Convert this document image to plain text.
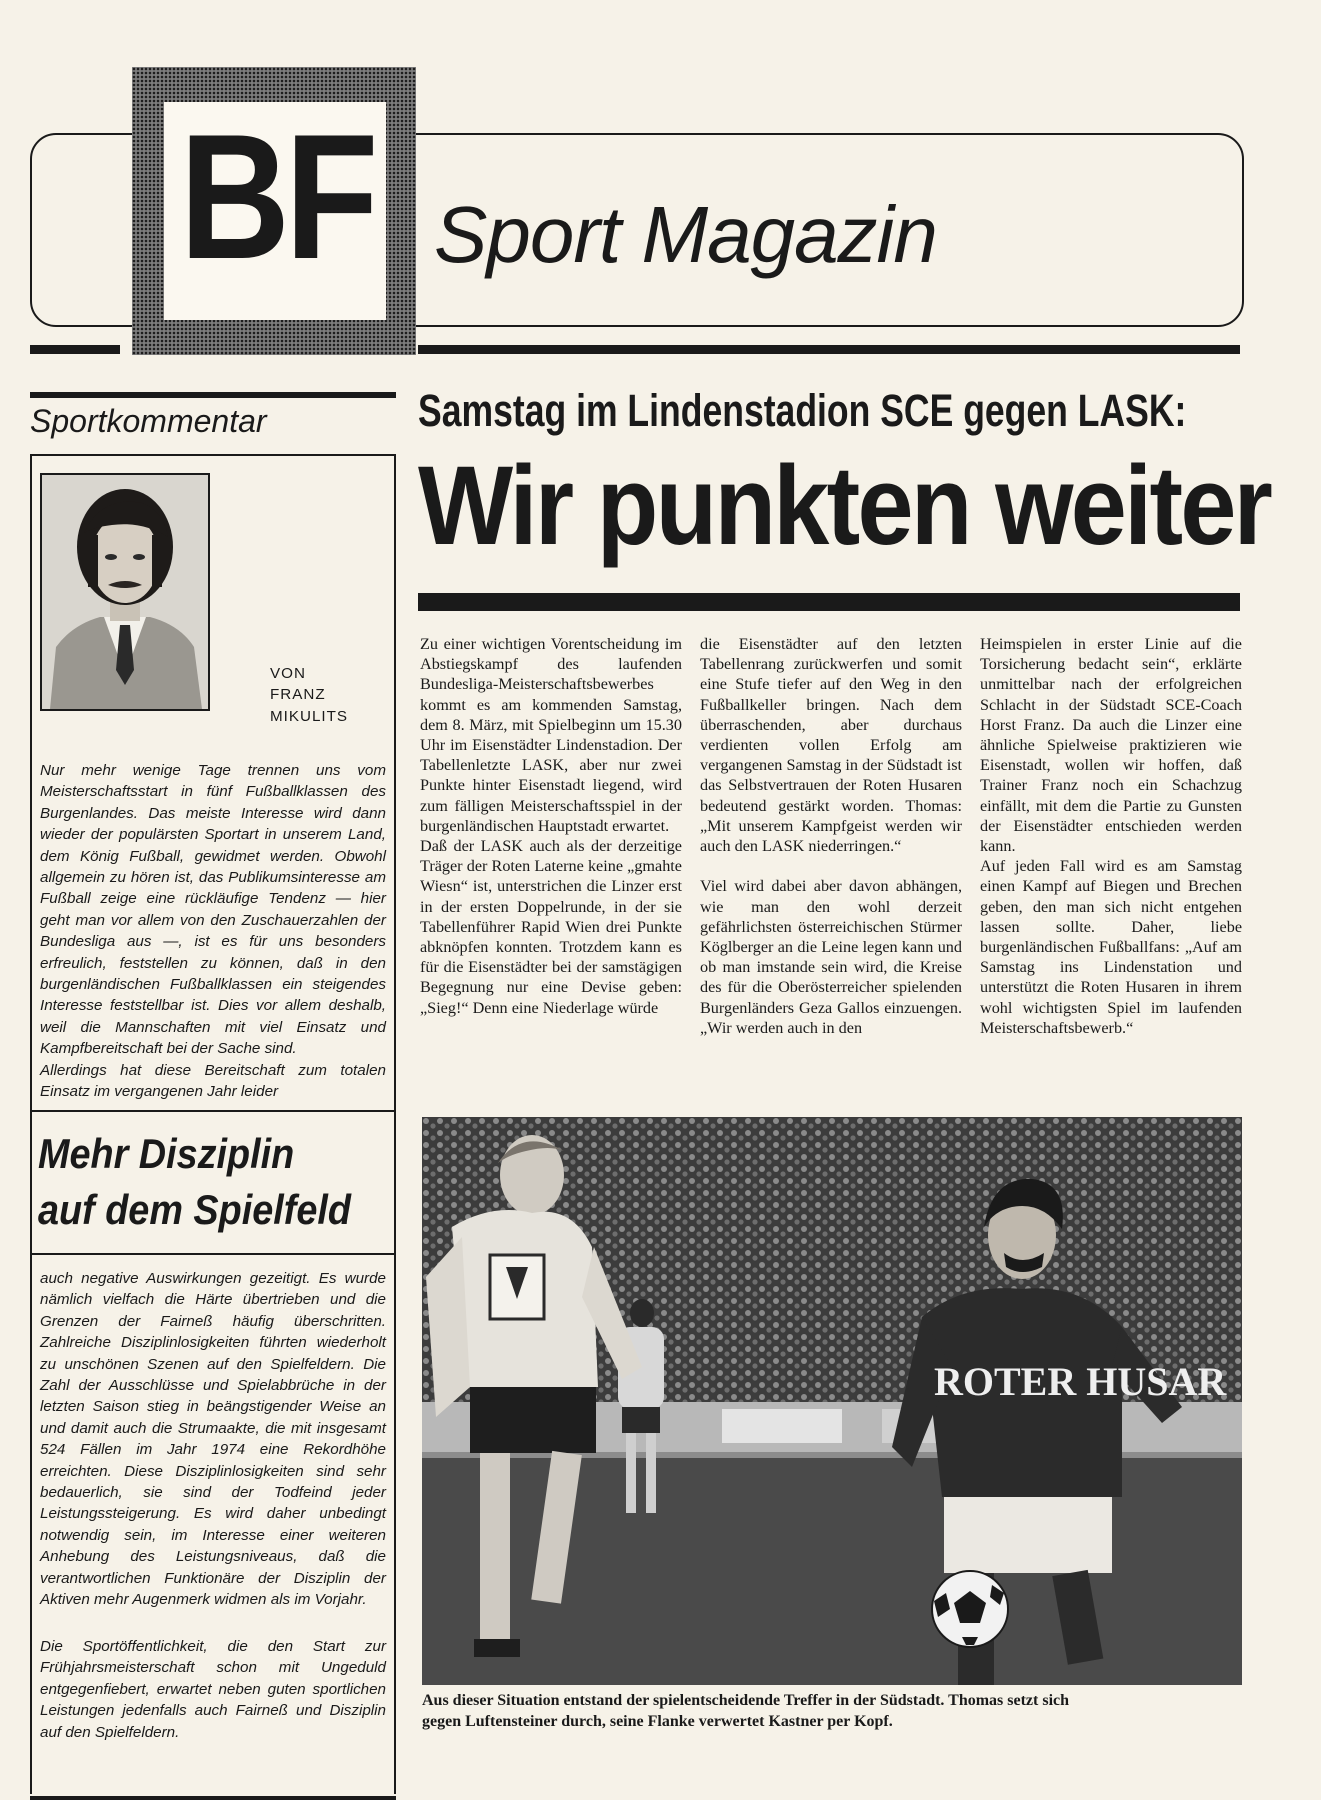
BF Sport Magazin
Samstag im Lindenstadion SCE gegen LASK:
Wir punkten weiter
Sportkommentar
VON
FRANZ
MIKULITS
Nur mehr wenige Tage trennen uns vom Meisterschaftsstart in fünf Fußballklassen des Burgenlandes. Das meiste Interesse wird dann wieder der populärsten Sportart in unserem Land, dem König Fußball, gewidmet werden. Obwohl allgemein zu hören ist, das Publikumsinteresse am Fußball zeige eine rückläufige Tendenz — hier geht man vor allem von den Zuschauerzahlen der Bundesliga aus —, ist es für uns besonders erfreulich, feststellen zu können, daß in den burgenländischen Fußballklassen ein steigendes Interesse feststellbar ist. Dies vor allem deshalb, weil die Mannschaften mit viel Einsatz und Kampfbereitschaft bei der Sache sind.
Allerdings hat diese Bereitschaft zum totalen Einsatz im vergangenen Jahr leider
Mehr Disziplin
auf dem Spielfeld
auch negative Auswirkungen gezeitigt. Es wurde nämlich vielfach die Härte übertrieben und die Grenzen der Fairneß häufig überschritten. Zahlreiche Disziplinlosigkeiten führten wiederholt zu unschönen Szenen auf den Spielfeldern. Die Zahl der Ausschlüsse und Spielabbrüche in der letzten Saison stieg in beängstigender Weise an und damit auch die Strumaakte, die mit insgesamt 524 Fällen im Jahr 1974 eine Rekordhöhe erreichten. Diese Disziplinlosigkeiten sind sehr bedauerlich, sie sind der Todfeind jeder Leistungssteigerung. Es wird daher unbedingt notwendig sein, im Interesse einer weiteren Anhebung des Leistungsniveaus, daß die verantwortlichen Funktionäre der Disziplin der Aktiven mehr Augenmerk widmen als im Vorjahr.
Die Sportöffentlichkeit, die den Start zur Frühjahrsmeisterschaft schon mit Ungeduld entgegenfiebert, erwartet neben guten sportlichen Leistungen jedenfalls auch Fairneß und Disziplin auf den Spielfeldern.
Zu einer wichtigen Vorentscheidung im Abstiegskampf des laufenden Bundesliga-Meisterschaftsbewerbes kommt es am kommenden Samstag, dem 8. März, mit Spielbeginn um 15.30 Uhr im Eisenstädter Lindenstadion. Der Tabellenletzte LASK, aber nur zwei Punkte hinter Eisenstadt liegend, wird zum fälligen Meisterschaftsspiel in der burgenländischen Hauptstadt erwartet.
Daß der LASK auch als der derzeitige Träger der Roten Laterne keine „gmahte Wiesn“ ist, unterstrichen die Linzer erst in der ersten Doppelrunde, in der sie Tabellenführer Rapid Wien drei Punkte abknöpfen konnten. Trotzdem kann es für die Eisenstädter bei der samstägigen Begegnung nur eine Devise geben: „Sieg!“ Denn eine Niederlage würde
die Eisenstädter auf den letzten Tabellenrang zurückwerfen und somit eine Stufe tiefer auf den Weg in den Fußballkeller bringen. Nach dem überraschenden, aber durchaus verdienten vollen Erfolg am vergangenen Samstag in der Südstadt ist das Selbstvertrauen der Roten Husaren bedeutend gestärkt worden. Thomas: „Mit unserem Kampfgeist werden wir auch den LASK niederringen.“

Viel wird dabei aber davon abhängen, wie man den wohl derzeit gefährlichsten österreichischen Stürmer Köglberger an die Leine legen kann und ob man imstande sein wird, die Kreise des für die Oberösterreicher spielenden Burgenländers Geza Gallos einzuengen. „Wir werden auch in den
Heimspielen in erster Linie auf die Torsicherung bedacht sein“, erklärte unmittelbar nach der erfolgreichen Schlacht in der Südstadt SCE-Coach Horst Franz. Da auch die Linzer eine ähnliche Spielweise praktizieren wie Eisenstadt, wollen wir hoffen, daß Trainer Franz noch ein Schachzug einfällt, mit dem die Partie zu Gunsten der Eisenstädter entschieden werden kann.
Auf jeden Fall wird es am Samstag einen Kampf auf Biegen und Brechen geben, den man sich nicht entgehen lassen sollte. Daher, liebe burgenländischen Fußballfans: „Auf am Samstag ins Lindenstation und unterstützt die Roten Husaren in ihrem wohl wichtigsten Spiel im laufenden Meisterschaftsbewerb.“
ROTER HUSAR
Aus dieser Situation entstand der spielentscheidende Treffer in der Südstadt. Thomas setzt sich
gegen Luftensteiner durch, seine Flanke verwertet Kastner per Kopf.
